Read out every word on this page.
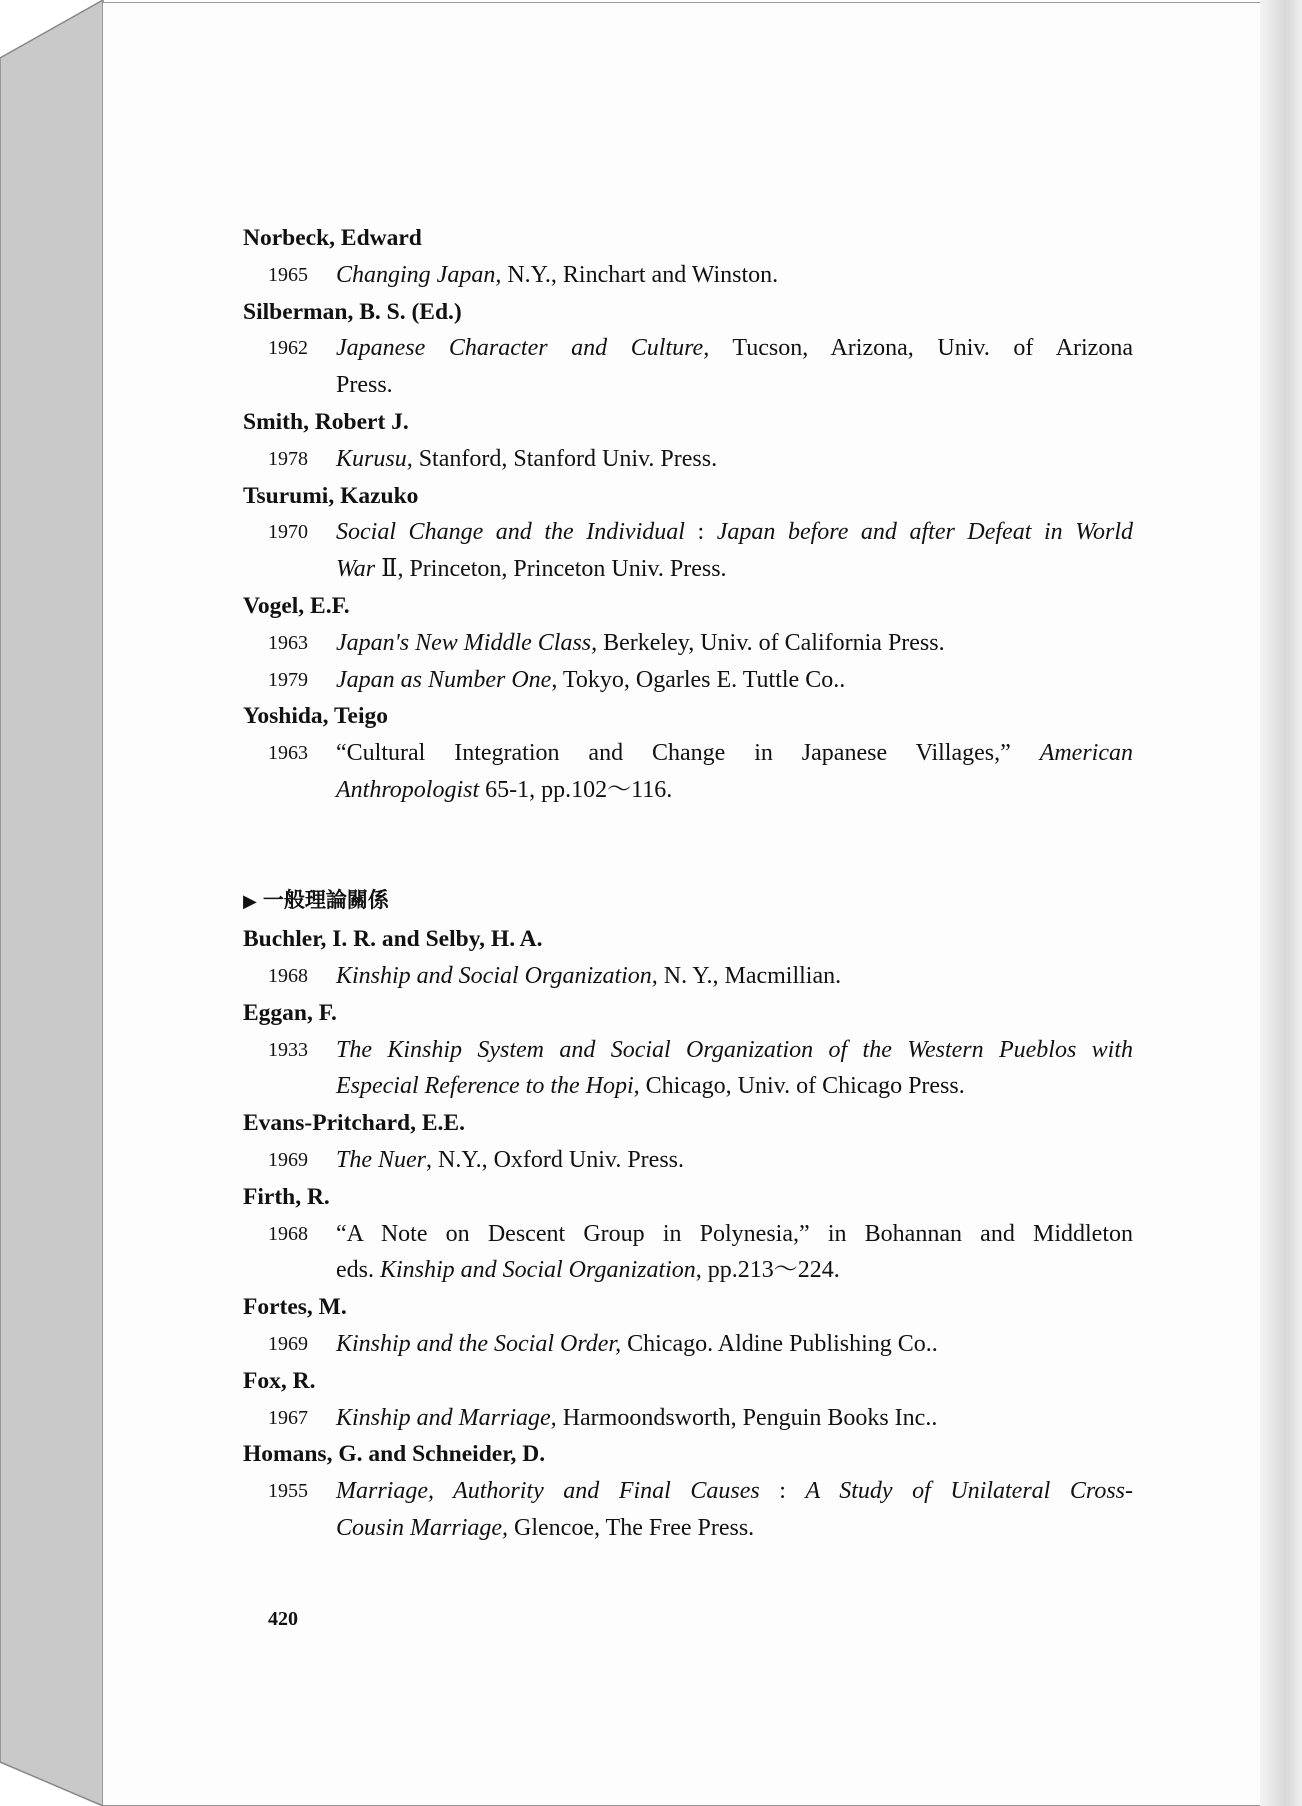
Norbeck, Edward
1965 Changing Japan, N.Y., Rinchart and Winston.
Silberman, B. S. (Ed.)
1962 Japanese Character and Culture, Tucson, Arizona, Univ. of Arizona
Press.
Smith, Robert J.
1978 Kurusu, Stanford, Stanford Univ. Press.
Tsurumi, Kazuko
1970 Social Change and the Individual : Japan before and after Defeat in World
War Ⅱ, Princeton, Princeton Univ. Press.
Vogel, E.F.
1963 Japan's New Middle Class, Berkeley, Univ. of California Press.
1979 Japan as Number One, Tokyo, Ogarles E. Tuttle Co..
Yoshida, Teigo
1963 “Cultural Integration and Change in Japanese Villages,” American
Anthropologist 65-1, pp.102～116.
▶ 一般理論關係
Buchler, I. R. and Selby, H. A.
1968 Kinship and Social Organization, N. Y., Macmillian.
Eggan, F.
1933 The Kinship System and Social Organization of the Western Pueblos with
Especial Reference to the Hopi, Chicago, Univ. of Chicago Press.
Evans-Pritchard, E.E.
1969 The Nuer, N.Y., Oxford Univ. Press.
Firth, R.
1968 “A Note on Descent Group in Polynesia,” in Bohannan and Middleton
eds. Kinship and Social Organization, pp.213～224.
Fortes, M.
1969 Kinship and the Social Order, Chicago. Aldine Publishing Co..
Fox, R.
1967 Kinship and Marriage, Harmoondsworth, Penguin Books Inc..
Homans, G. and Schneider, D.
1955 Marriage, Authority and Final Causes : A Study of Unilateral Cross-
Cousin Marriage, Glencoe, The Free Press.
420
